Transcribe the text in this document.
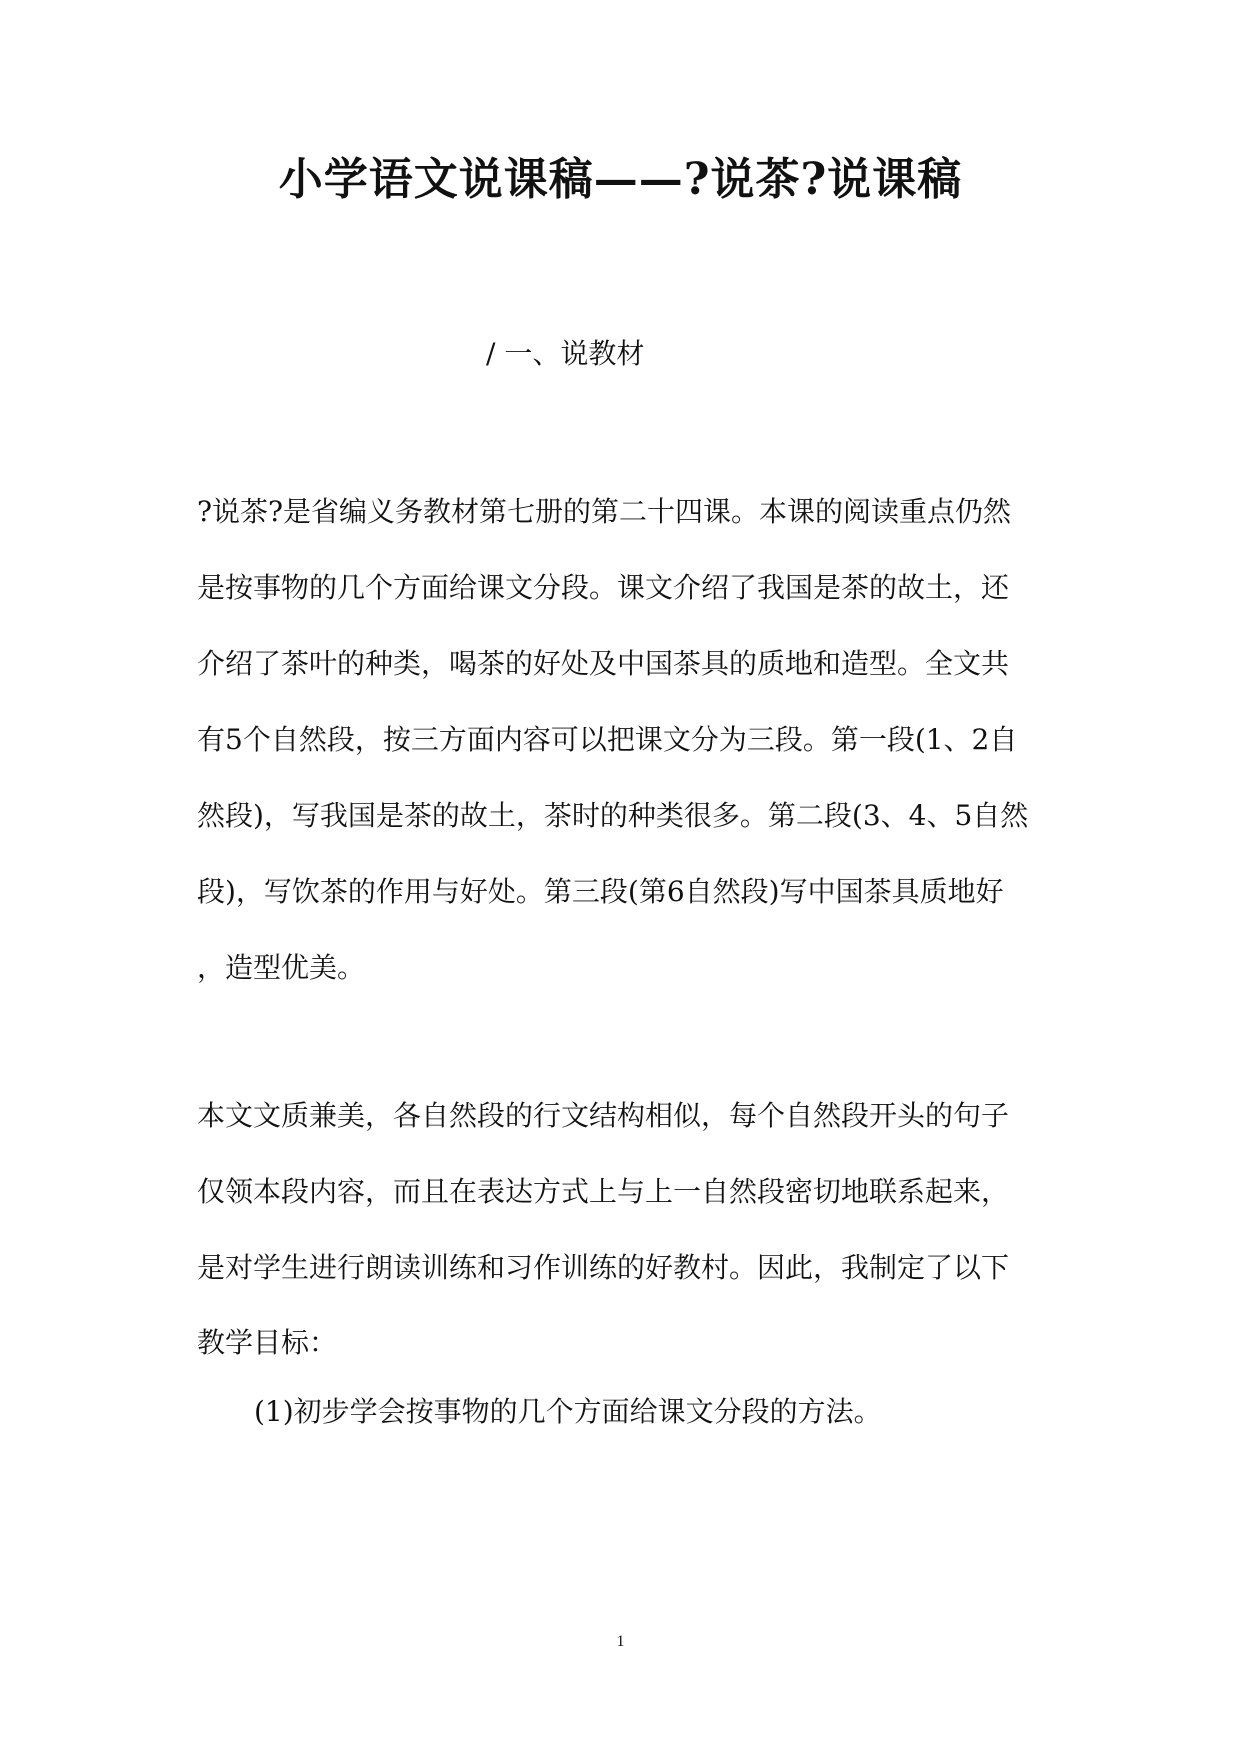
小学语文说课稿——?说茶?说课稿
/ 一、说教材
?说茶?是省编义务教材第七册的第二十四课。本课的阅读重点仍然
是按事物的几个方面给课文分段。课文介绍了我国是茶的故土，还
介绍了茶叶的种类，喝茶的好处及中国茶具的质地和造型。全文共
有5个自然段，按三方面内容可以把课文分为三段。第一段(1、2自
然段)，写我国是茶的故土，茶时的种类很多。第二段(3、4、5自然
段)，写饮茶的作用与好处。第三段(第6自然段)写中国茶具质地好
，造型优美。
本文文质兼美，各自然段的行文结构相似，每个自然段开头的句子
仅领本段内容，而且在表达方式上与上一自然段密切地联系起来，
是对学生进行朗读训练和习作训练的好教村。因此，我制定了以下
教学目标：
(1)初步学会按事物的几个方面给课文分段的方法。
1
